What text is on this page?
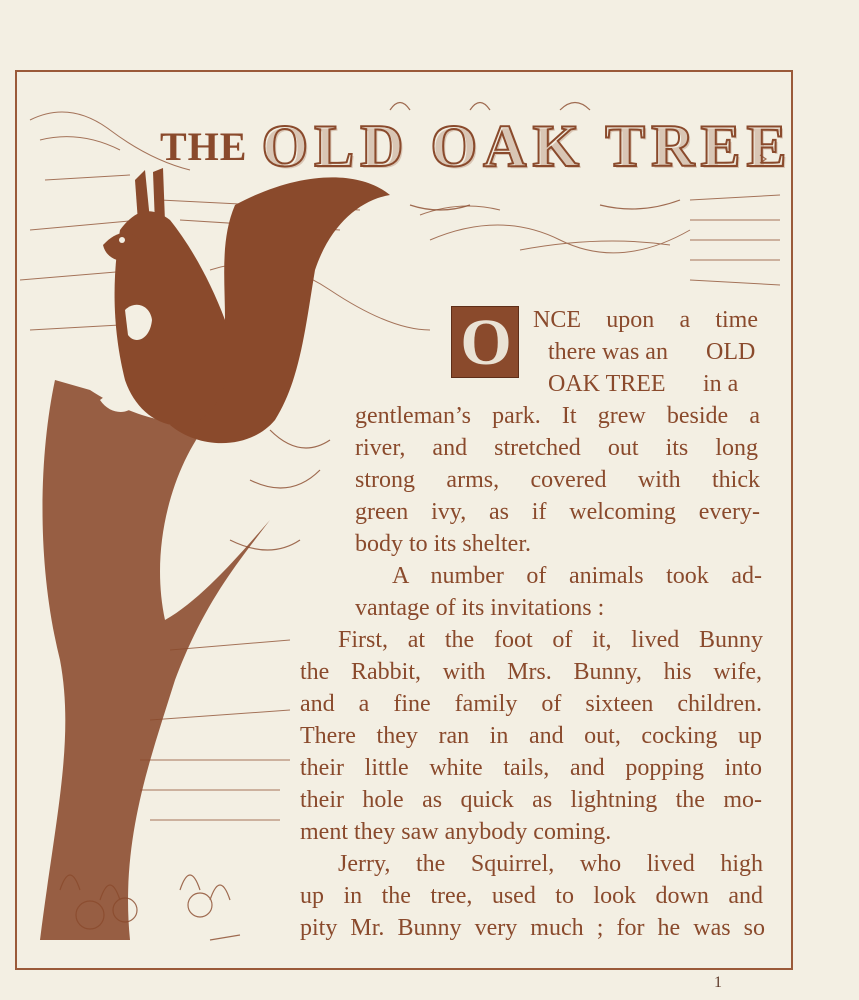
THE OLD OAK TREE
O NCE upon a time
there was an	OLD
OAK TREE	in a
gentleman’s park. It grew beside a
river, and stretched out its long
strong arms, covered with thick
green ivy, as if welcoming every-
body to its shelter.
A number of animals took ad-
vantage of its invitations :
First, at the foot of it, lived Bunny
the Rabbit, with Mrs. Bunny, his wife,
and a fine family of sixteen children.
There they ran in and out, cocking up
their little white tails, and popping into
their hole as quick as lightning the mo-
ment they saw anybody coming.
Jerry, the Squirrel, who lived high
up in the tree, used to look down and
pity Mr. Bunny very much ; for he was so
1
